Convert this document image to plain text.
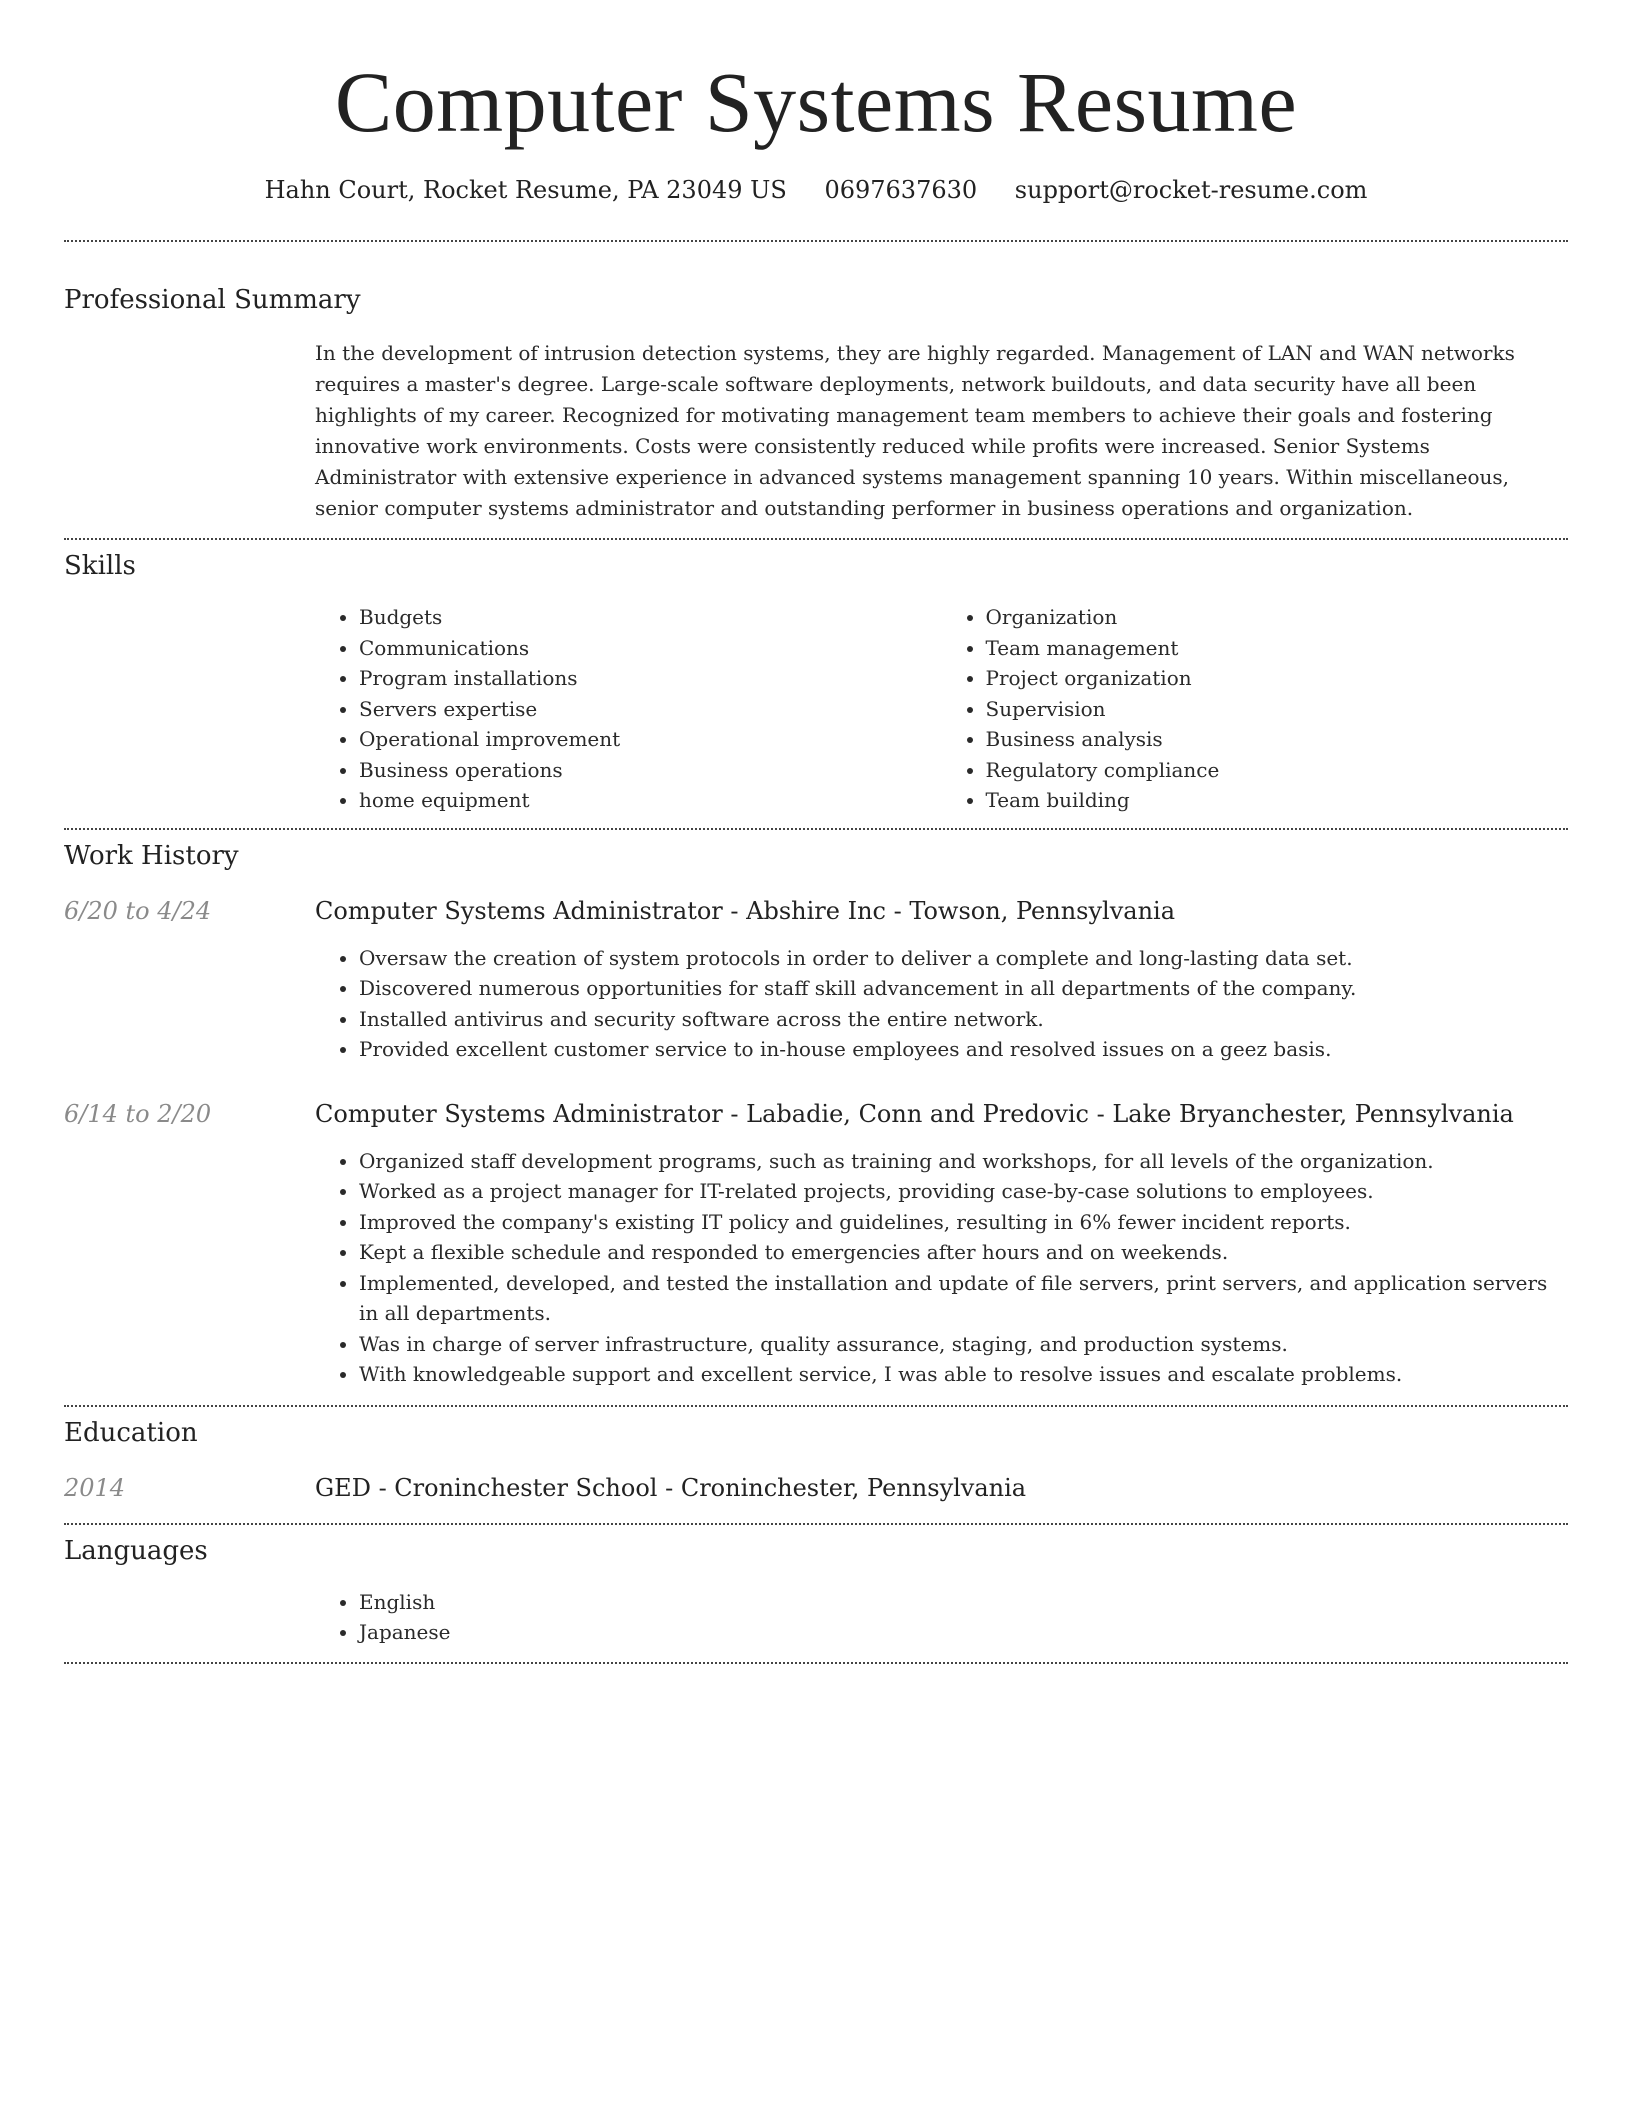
Computer Systems Resume
Hahn Court, Rocket Resume, PA 23049 US 0697637630 support@rocket-resume.com
Professional Summary

In the development of intrusion detection systems, they are highly regarded. Management of LAN and WAN networks requires a master's degree. Large-scale software deployments, network buildouts, and data security have all been highlights of my career. Recognized for motivating management team members to achieve their goals and fostering innovative work environments. Costs were consistently reduced while profits were increased. Senior Systems Administrator with extensive experience in advanced systems management spanning 10 years. Within miscellaneous, senior computer systems administrator and outstanding performer in business operations and organization.

Skills
• Budgets
• Communications
• Program installations
• Servers expertise
• Operational improvement
• Business operations
• home equipment
• Organization
• Team management
• Project organization
• Supervision
• Business analysis
• Regulatory compliance
• Team building
Work History
6/20 to 4/24	Computer Systems Administrator - Abshire Inc - Towson, Pennsylvania
• Oversaw the creation of system protocols in order to deliver a complete and long-lasting data set.
• Discovered numerous opportunities for staff skill advancement in all departments of the company.
• Installed antivirus and security software across the entire network.
• Provided excellent customer service to in-house employees and resolved issues on a geez basis.
6/14 to 2/20	Computer Systems Administrator - Labadie, Conn and Predovic - Lake Bryanchester, Pennsylvania
• Organized staff development programs, such as training and workshops, for all levels of the organization.
• Worked as a project manager for IT-related projects, providing case-by-case solutions to employees.
• Improved the company's existing IT policy and guidelines, resulting in 6% fewer incident reports.
• Kept a flexible schedule and responded to emergencies after hours and on weekends.
• Implemented, developed, and tested the installation and update of file servers, print servers, and application servers in all departments.
• Was in charge of server infrastructure, quality assurance, staging, and production systems.
• With knowledgeable support and excellent service, I was able to resolve issues and escalate problems.
Education
2014	GED - Croninchester School - Croninchester, Pennsylvania
Languages
• English
• Japanese
